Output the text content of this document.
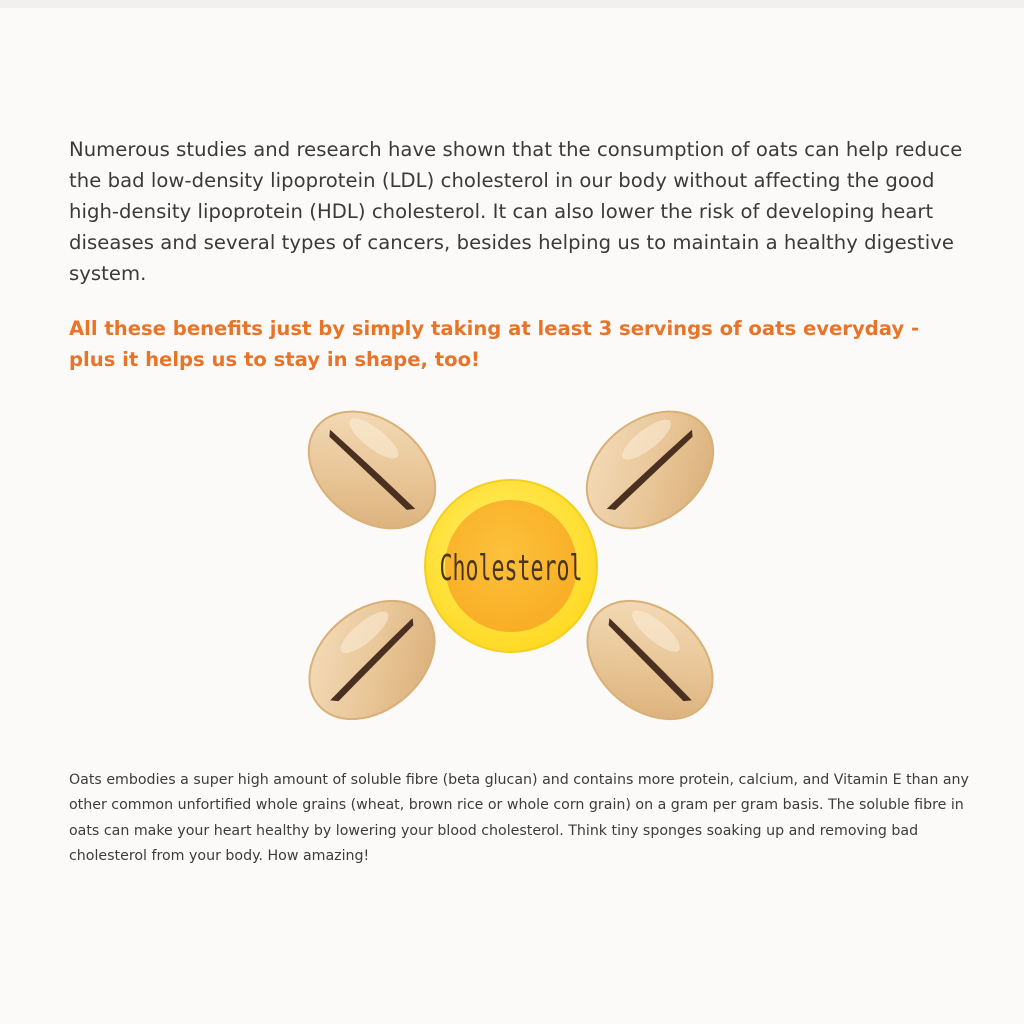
Numerous studies and research have shown that the consumption of oats can help reduce the bad low-density lipoprotein (LDL) cholesterol in our body without affecting the good high-density lipoprotein (HDL) cholesterol. It can also lower the risk of developing heart diseases and several types of cancers, besides helping us to maintain a healthy digestive system.

All these benefits just by simply taking at least 3 servings of oats everyday - plus it helps us to stay in shape, too!

Cholesterol

Oats embodies a super high amount of soluble fibre (beta glucan) and contains more protein, calcium, and Vitamin E than any other common unfortified whole grains (wheat, brown rice or whole corn grain) on a gram per gram basis. The soluble fibre in oats can make your heart healthy by lowering your blood cholesterol. Think tiny sponges soaking up and removing bad cholesterol from your body. How amazing!
